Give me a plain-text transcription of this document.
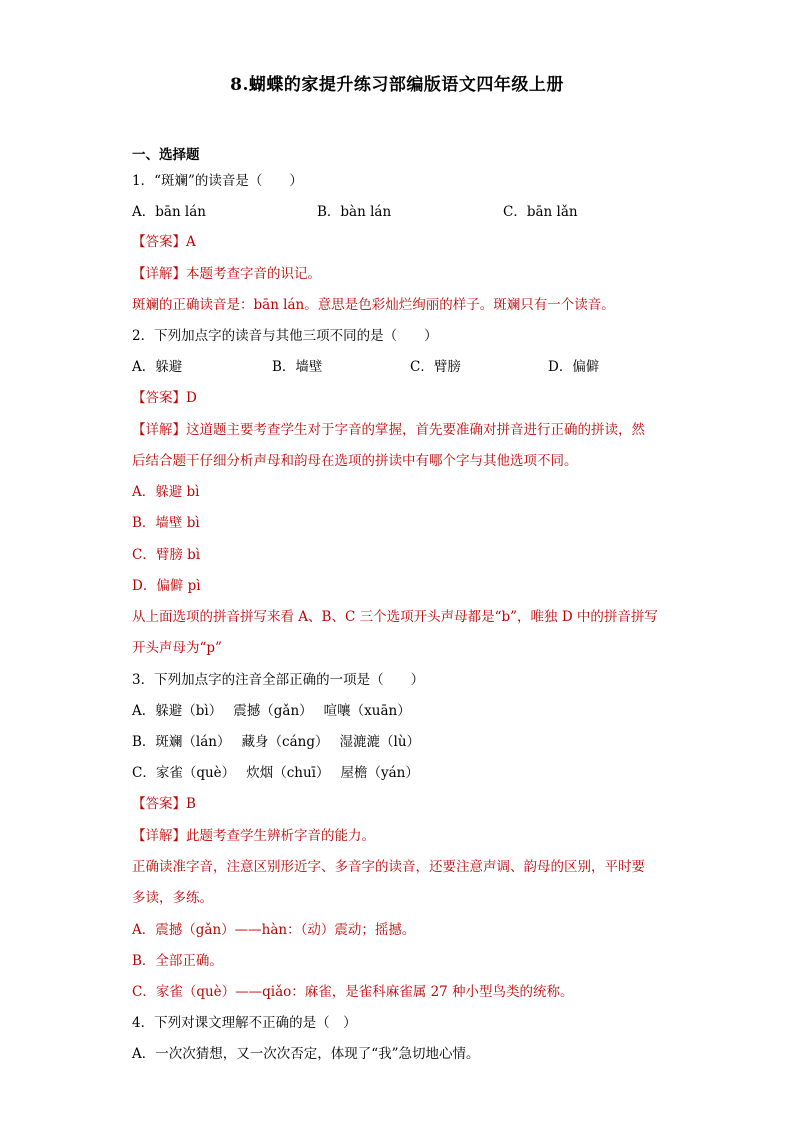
8.蝴蝶的家提升练习部编版语文四年级上册
一、选择题
1．“斑斓”的读音是（　　）
A．bān lán	B．bàn lán	C．bān lǎn
【答案】A
【详解】本题考查字音的识记。
斑斓的正确读音是：bān lán。意思是色彩灿烂绚丽的样子。斑斓只有一个读音。
2．下列加点字的读音与其他三项不同的是（　　）
A．躲避	B．墙壁	C．臂膀	D．偏僻
【答案】D
【详解】这道题主要考查学生对于字音的掌握，首先要准确对拼音进行正确的拼读，然
后结合题干仔细分析声母和韵母在选项的拼读中有哪个字与其他选项不同。
A．躲避 bì
B．墙壁 bì
C．臂膀 bì
D．偏僻 pì
从上面选项的拼音拼写来看 A、B、C 三个选项开头声母都是“b”，唯独 D 中的拼音拼写
开头声母为“p”
3．下列加点字的注音全部正确的一项是（　　）
A．躲避（bì）　 震撼（gǎn）　 喧嚷（xuān）
B．斑斓（lán）　 藏身（cáng）　 湿漉漉（lù）
C．家雀（què）　 炊烟（chuī）　 屋檐（yán）
【答案】B
【详解】此题考查学生辨析字音的能力。
正确读准字音，注意区别形近字、多音字的读音，还要注意声调、韵母的区别，平时要
多读，多练。
A．震撼（gǎn）——hàn：（动）震动；摇撼。
B．全部正确。
C．家雀（què）——qiǎo：麻雀，是雀科麻雀属 27 种小型鸟类的统称。
4．下列对课文理解不正确的是（　）
A．一次次猜想，又一次次否定，体现了“我”急切地心情。
